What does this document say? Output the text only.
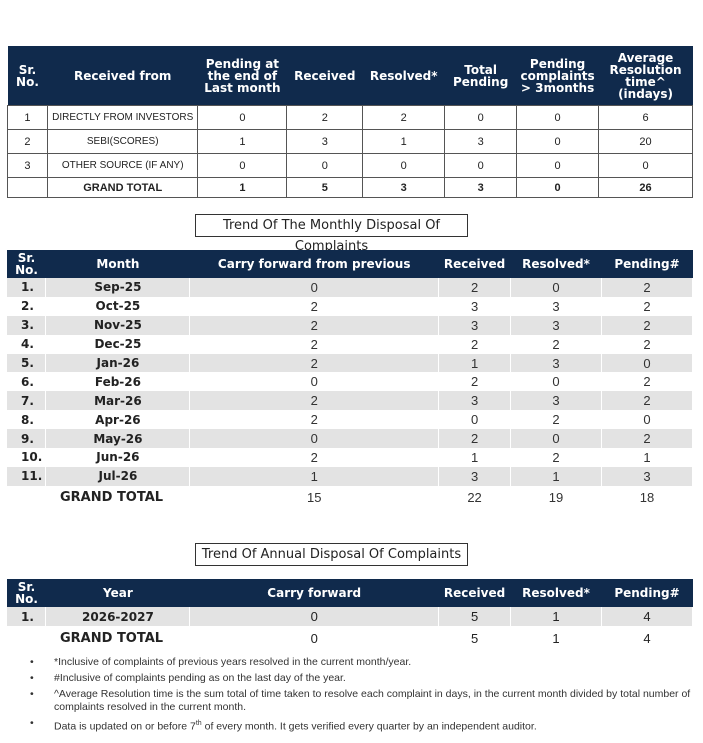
Sr. No.	Received from	Pending at the end of Last month	Received	Resolved*	Total Pending	Pending complaints > 3months	Average Resolution time^ (indays)
1	DIRECTLY FROM INVESTORS	0	2	2	0	0	6
2	SEBI(SCORES)	1	3	1	3	0	20
3	OTHER SOURCE (IF ANY)	0	0	0	0	0	0
	GRAND TOTAL	1	5	3	3	0	26
Trend Of The Monthly Disposal Of Complaints
Sr. No.	Month	Carry forward from previous	Received	Resolved*	Pending#
1.	Sep-25	0	2	0	2
2.	Oct-25	2	3	3	2
3.	Nov-25	2	3	3	2
4.	Dec-25	2	2	2	2
5.	Jan-26	2	1	3	0
6.	Feb-26	0	2	0	2
7.	Mar-26	2	3	3	2
8.	Apr-26	2	0	2	0
9.	May-26	0	2	0	2
10.	Jun-26	2	1	2	1
11.	Jul-26	1	3	1	3
GRAND TOTAL		15	22	19	18
Trend Of Annual Disposal Of Complaints
Sr. No.	Year	Carry forward	Received	Resolved*	Pending#
1.	2026-2027	0	5	1	4
GRAND TOTAL		0	5	1	4
• *Inclusive of complaints of previous years resolved in the current month/year.
• #Inclusive of complaints pending as on the last day of the year.
• ^Average Resolution time is the sum total of time taken to resolve each complaint in days, in the current month divided by total number of complaints resolved in the current month.
• Data is updated on or before 7th of every month. It gets verified every quarter by an independent auditor.
